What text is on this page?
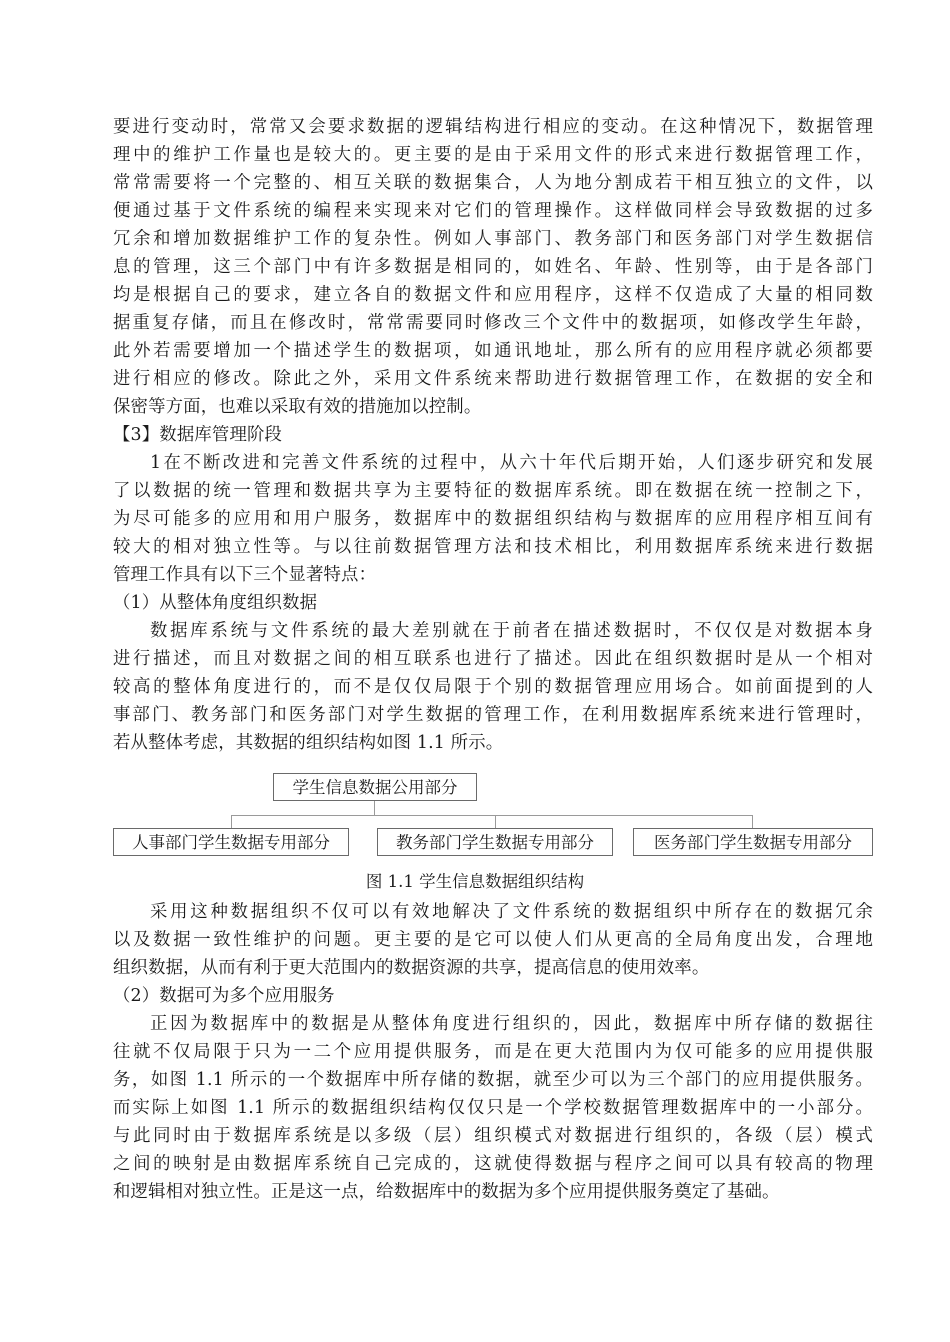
要进行变动时，常常又会要求数据的逻辑结构进行相应的变动。在这种情况下，数据管理
理中的维护工作量也是较大的。更主要的是由于采用文件的形式来进行数据管理工作，
常常需要将一个完整的、相互关联的数据集合，人为地分割成若干相互独立的文件，以
便通过基于文件系统的编程来实现来对它们的管理操作。这样做同样会导致数据的过多
冗余和增加数据维护工作的复杂性。例如人事部门、教务部门和医务部门对学生数据信
息的管理，这三个部门中有许多数据是相同的，如姓名、年龄、性别等，由于是各部门
均是根据自己的要求，建立各自的数据文件和应用程序，这样不仅造成了大量的相同数
据重复存储，而且在修改时，常常需要同时修改三个文件中的数据项，如修改学生年龄，
此外若需要增加一个描述学生的数据项，如通讯地址，那么所有的应用程序就必须都要
进行相应的修改。除此之外，采用文件系统来帮助进行数据管理工作，在数据的安全和
保密等方面，也难以采取有效的措施加以控制。
【3】数据库管理阶段
1在不断改进和完善文件系统的过程中，从六十年代后期开始，人们逐步研究和发展
了以数据的统一管理和数据共享为主要特征的数据库系统。即在数据在统一控制之下，
为尽可能多的应用和用户服务，数据库中的数据组织结构与数据库的应用程序相互间有
较大的相对独立性等。与以往前数据管理方法和技术相比，利用数据库系统来进行数据
管理工作具有以下三个显著特点：
（1）从整体角度组织数据
数据库系统与文件系统的最大差别就在于前者在描述数据时，不仅仅是对数据本身
进行描述，而且对数据之间的相互联系也进行了描述。因此在组织数据时是从一个相对
较高的整体角度进行的，而不是仅仅局限于个别的数据管理应用场合。如前面提到的人
事部门、教务部门和医务部门对学生数据的管理工作，在利用数据库系统来进行管理时，
若从整体考虑，其数据的组织结构如图 1.1 所示。
学生信息数据公用部分
人事部门学生数据专用部分	教务部门学生数据专用部分	医务部门学生数据专用部分
图 1.1 学生信息数据组织结构
采用这种数据组织不仅可以有效地解决了文件系统的数据组织中所存在的数据冗余
以及数据一致性维护的问题。更主要的是它可以使人们从更高的全局角度出发，合理地
组织数据，从而有利于更大范围内的数据资源的共享，提高信息的使用效率。
（2）数据可为多个应用服务
正因为数据库中的数据是从整体角度进行组织的，因此，数据库中所存储的数据往
往就不仅局限于只为一二个应用提供服务，而是在更大范围内为仅可能多的应用提供服
务，如图 1.1 所示的一个数据库中所存储的数据，就至少可以为三个部门的应用提供服务。
而实际上如图 1.1 所示的数据组织结构仅仅只是一个学校数据管理数据库中的一小部分。
与此同时由于数据库系统是以多级（层）组织模式对数据进行组织的，各级（层）模式
之间的映射是由数据库系统自己完成的，这就使得数据与程序之间可以具有较高的物理
和逻辑相对独立性。正是这一点，给数据库中的数据为多个应用提供服务奠定了基础。
